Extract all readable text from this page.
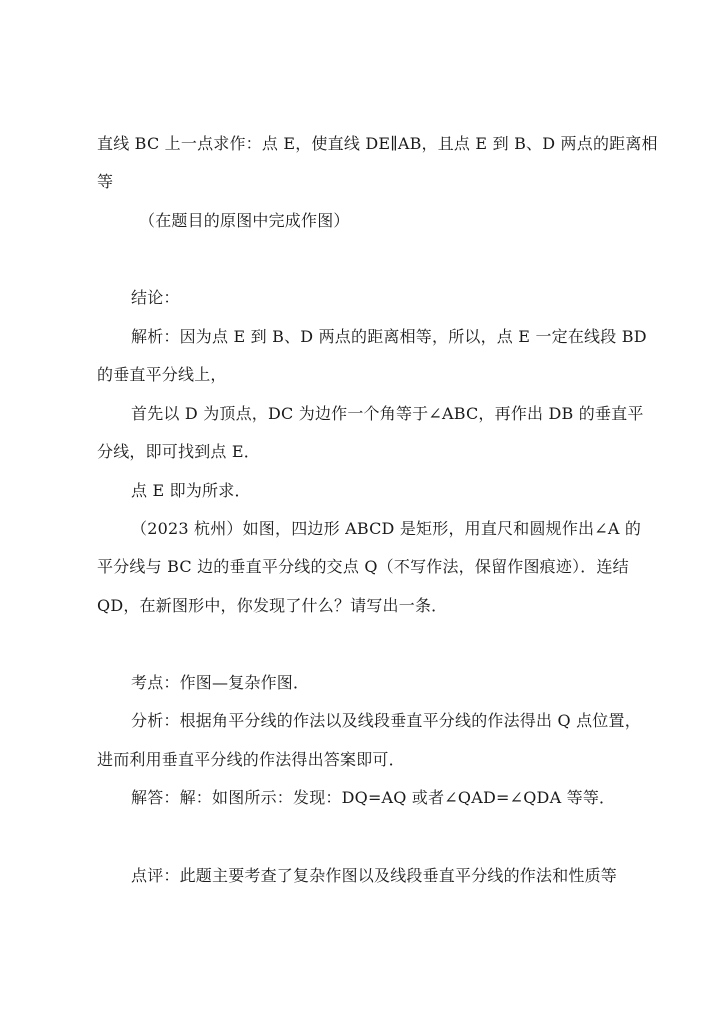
直线 BC 上一点求作：点 E，使直线 DE∥AB，且点 E 到 B、D 两点的距离相
等
（在题目的原图中完成作图）
结论：
解析：因为点 E 到 B、D 两点的距离相等，所以，点 E 一定在线段 BD
的垂直平分线上，
首先以 D 为顶点，DC 为边作一个角等于∠ABC，再作出 DB 的垂直平
分线，即可找到点 E．
点 E 即为所求．
（2023 杭州）如图，四边形 ABCD 是矩形，用直尺和圆规作出∠A 的
平分线与 BC 边的垂直平分线的交点 Q（不写作法，保留作图痕迹）．连结
QD，在新图形中，你发现了什么？请写出一条．
考点：作图—复杂作图．
分析：根据角平分线的作法以及线段垂直平分线的作法得出 Q 点位置，
进而利用垂直平分线的作法得出答案即可．
解答：解：如图所示：发现：DQ=AQ 或者∠QAD=∠QDA 等等．
点评：此题主要考查了复杂作图以及线段垂直平分线的作法和性质等
